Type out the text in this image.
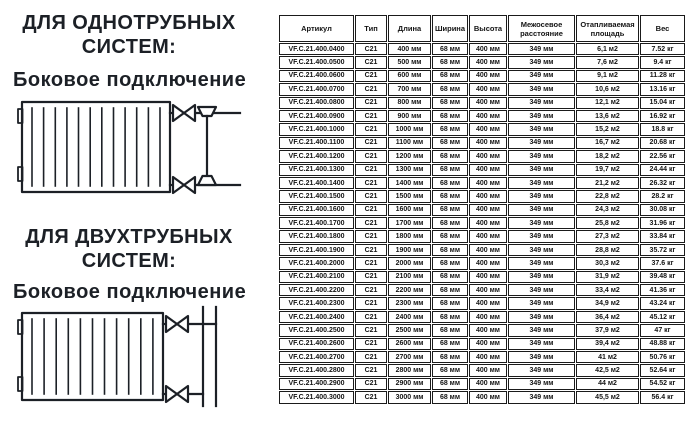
ДЛЯ ОДНОТРУБНЫХ СИСТЕМ:
Боковое подключение
ДЛЯ ДВУХТРУБНЫХ СИСТЕМ:
Боковое подключение
Артикул	Тип	Длина	Ширина	Высота	Межосевое расстояние	Отапливаемая площадь	Вес
VF.C.21.400.0400	C21	400 мм	68 мм	400 мм	349 мм	6,1 м2	7.52 кг
VF.C.21.400.0500	C21	500 мм	68 мм	400 мм	349 мм	7,6 м2	9.4 кг
VF.C.21.400.0600	C21	600 мм	68 мм	400 мм	349 мм	9,1 м2	11.28 кг
VF.C.21.400.0700	C21	700 мм	68 мм	400 мм	349 мм	10,6 м2	13.16 кг
VF.C.21.400.0800	C21	800 мм	68 мм	400 мм	349 мм	12,1 м2	15.04 кг
VF.C.21.400.0900	C21	900 мм	68 мм	400 мм	349 мм	13,6 м2	16.92 кг
VF.C.21.400.1000	C21	1000 мм	68 мм	400 мм	349 мм	15,2 м2	18.8 кг
VF.C.21.400.1100	C21	1100 мм	68 мм	400 мм	349 мм	16,7 м2	20.68 кг
VF.C.21.400.1200	C21	1200 мм	68 мм	400 мм	349 мм	18,2 м2	22.56 кг
VF.C.21.400.1300	C21	1300 мм	68 мм	400 мм	349 мм	19,7 м2	24.44 кг
VF.C.21.400.1400	C21	1400 мм	68 мм	400 мм	349 мм	21,2 м2	26.32 кг
VF.C.21.400.1500	C21	1500 мм	68 мм	400 мм	349 мм	22,8 м2	28.2 кг
VF.C.21.400.1600	C21	1600 мм	68 мм	400 мм	349 мм	24,3 м2	30.08 кг
VF.C.21.400.1700	C21	1700 мм	68 мм	400 мм	349 мм	25,8 м2	31.96 кг
VF.C.21.400.1800	C21	1800 мм	68 мм	400 мм	349 мм	27,3 м2	33.84 кг
VF.C.21.400.1900	C21	1900 мм	68 мм	400 мм	349 мм	28,8 м2	35.72 кг
VF.C.21.400.2000	C21	2000 мм	68 мм	400 мм	349 мм	30,3 м2	37.6 кг
VF.C.21.400.2100	C21	2100 мм	68 мм	400 мм	349 мм	31,9 м2	39.48 кг
VF.C.21.400.2200	C21	2200 мм	68 мм	400 мм	349 мм	33,4 м2	41.36 кг
VF.C.21.400.2300	C21	2300 мм	68 мм	400 мм	349 мм	34,9 м2	43.24 кг
VF.C.21.400.2400	C21	2400 мм	68 мм	400 мм	349 мм	36,4 м2	45.12 кг
VF.C.21.400.2500	C21	2500 мм	68 мм	400 мм	349 мм	37,9 м2	47 кг
VF.C.21.400.2600	C21	2600 мм	68 мм	400 мм	349 мм	39,4 м2	48.88 кг
VF.C.21.400.2700	C21	2700 мм	68 мм	400 мм	349 мм	41 м2	50.76 кг
VF.C.21.400.2800	C21	2800 мм	68 мм	400 мм	349 мм	42,5 м2	52.64 кг
VF.C.21.400.2900	C21	2900 мм	68 мм	400 мм	349 мм	44 м2	54.52 кг
VF.C.21.400.3000	C21	3000 мм	68 мм	400 мм	349 мм	45,5 м2	56.4 кг
